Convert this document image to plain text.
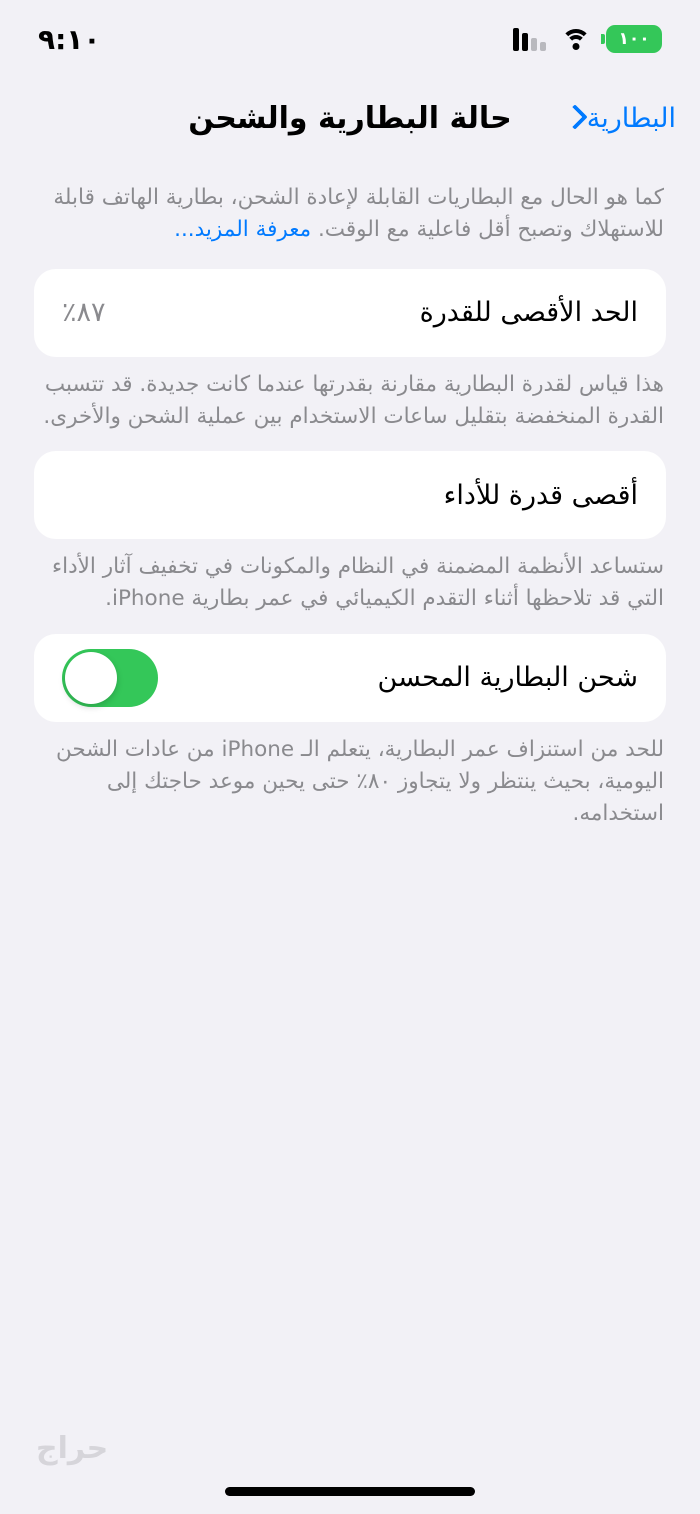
١٠٠
٩:١٠
حالة البطارية والشحن	البطارية
كما هو الحال مع البطاريات القابلة لإعادة الشحن، بطارية الهاتف قابلة للاستهلاك وتصبح أقل فاعلية مع الوقت. معرفة المزيد...
الحد الأقصى للقدرة
٨٧٪
هذا قياس لقدرة البطارية مقارنة بقدرتها عندما كانت جديدة. قد تتسبب القدرة المنخفضة بتقليل ساعات الاستخدام بين عملية الشحن والأخرى.
أقصى قدرة للأداء
ستساعد الأنظمة المضمنة في النظام والمكونات في تخفيف آثار الأداء التي قد تلاحظها أثناء التقدم الكيميائي في عمر بطارية iPhone.
شحن البطارية المحسن
للحد من استنزاف عمر البطارية، يتعلم الـ iPhone من عادات الشحن اليومية، بحيث ينتظر ولا يتجاوز ٨٠٪ حتى يحين موعد حاجتك إلى استخدامه.
حراج
